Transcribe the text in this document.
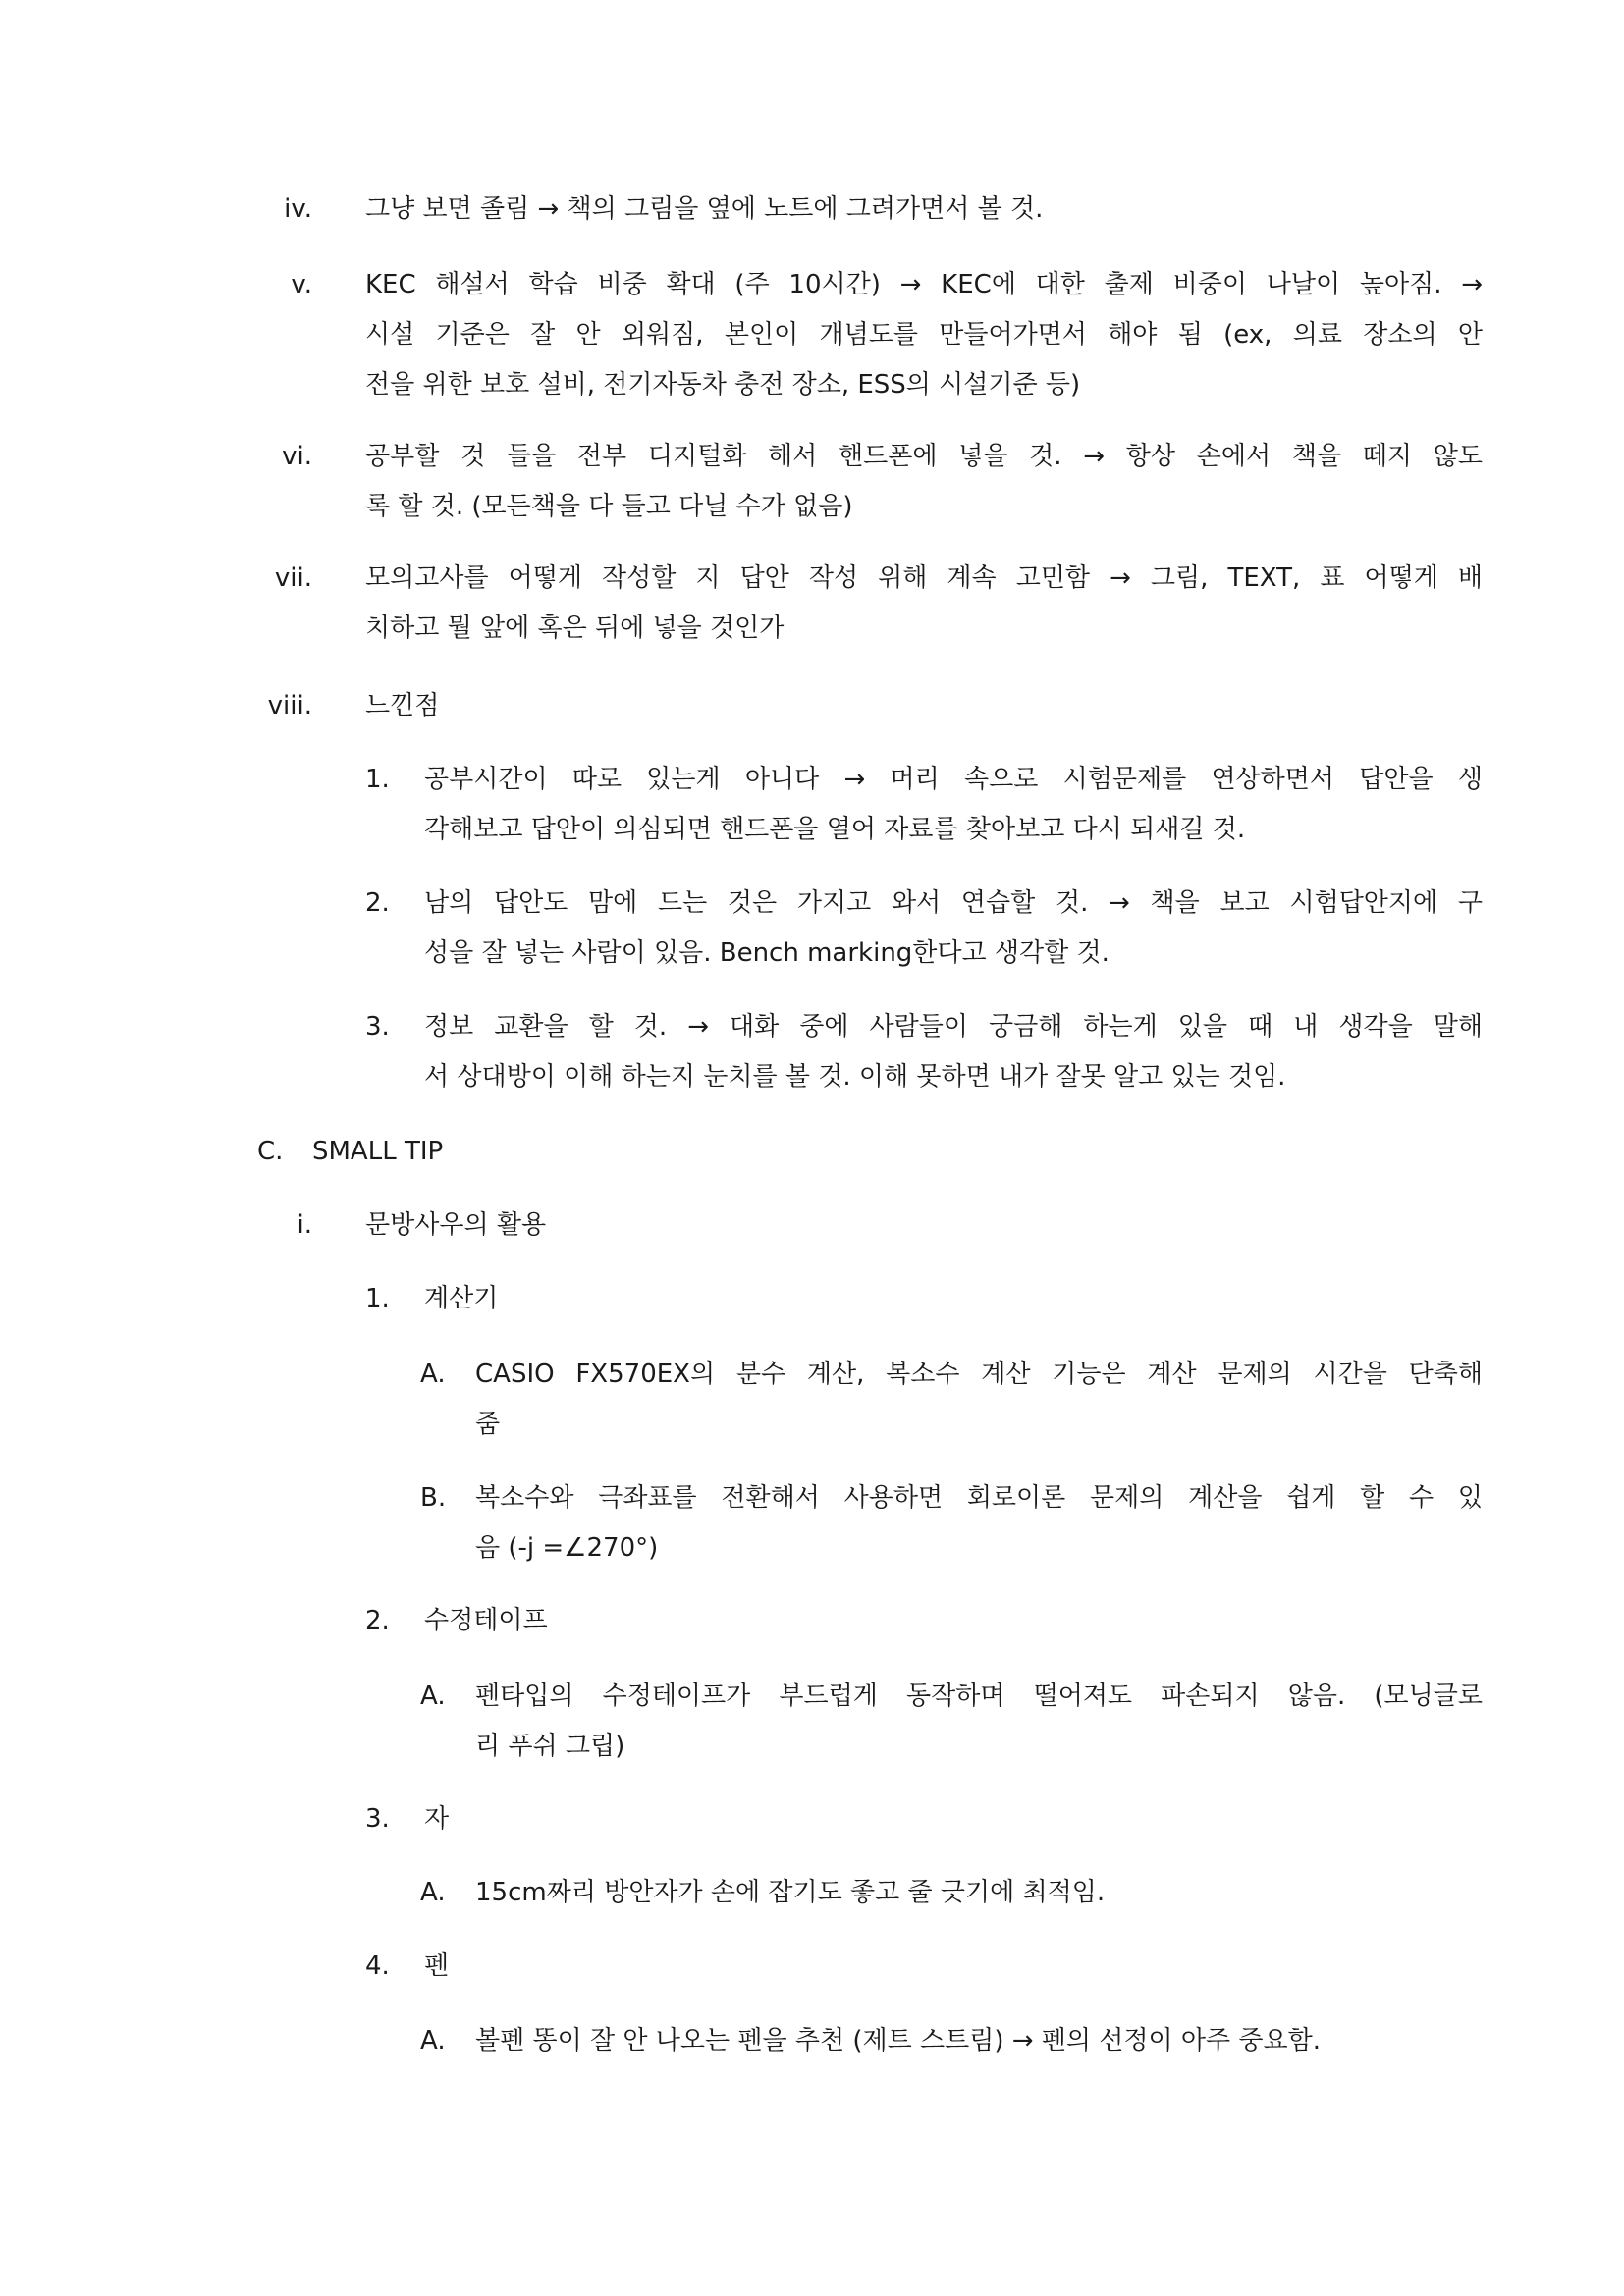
iv. 그냥 보면 졸림 → 책의 그림을 옆에 노트에 그려가면서 볼 것.
v. KEC 해설서 학습 비중 확대 (주 10시간) → KEC에 대한 출제 비중이 나날이 높아짐. →
시설 기준은 잘 안 외워짐, 본인이 개념도를 만들어가면서 해야 됨 (ex, 의료 장소의 안
전을 위한 보호 설비, 전기자동차 충전 장소, ESS의 시설기준 등)
vi. 공부할 것 들을 전부 디지털화 해서 핸드폰에 넣을 것. → 항상 손에서 책을 떼지 않도
록 할 것. (모든책을 다 들고 다닐 수가 없음)
vii. 모의고사를 어떻게 작성할 지 답안 작성 위해 계속 고민함 → 그림, TEXT, 표 어떻게 배
치하고 뭘 앞에 혹은 뒤에 넣을 것인가
viii. 느낀점
1. 공부시간이 따로 있는게 아니다 → 머리 속으로 시험문제를 연상하면서 답안을 생
각해보고 답안이 의심되면 핸드폰을 열어 자료를 찾아보고 다시 되새길 것.
2. 남의 답안도 맘에 드는 것은 가지고 와서 연습할 것. → 책을 보고 시험답안지에 구
성을 잘 넣는 사람이 있음. Bench marking한다고 생각할 것.
3. 정보 교환을 할 것. → 대화 중에 사람들이 궁금해 하는게 있을 때 내 생각을 말해
서 상대방이 이해 하는지 눈치를 볼 것. 이해 못하면 내가 잘못 알고 있는 것임.
C. SMALL TIP
i. 문방사우의 활용
1. 계산기
A. CASIO FX570EX의 분수 계산, 복소수 계산 기능은 계산 문제의 시간을 단축해
줌
B. 복소수와 극좌표를 전환해서 사용하면 회로이론 문제의 계산을 쉽게 할 수 있
음 (-j =∠270°)
2. 수정테이프
A. 펜타입의 수정테이프가 부드럽게 동작하며 떨어져도 파손되지 않음. (모닝글로
리 푸쉬 그립)
3. 자
A. 15cm짜리 방안자가 손에 잡기도 좋고 줄 긋기에 최적임.
4. 펜
A. 볼펜 똥이 잘 안 나오는 펜을 추천 (제트 스트림) → 펜의 선정이 아주 중요함.
